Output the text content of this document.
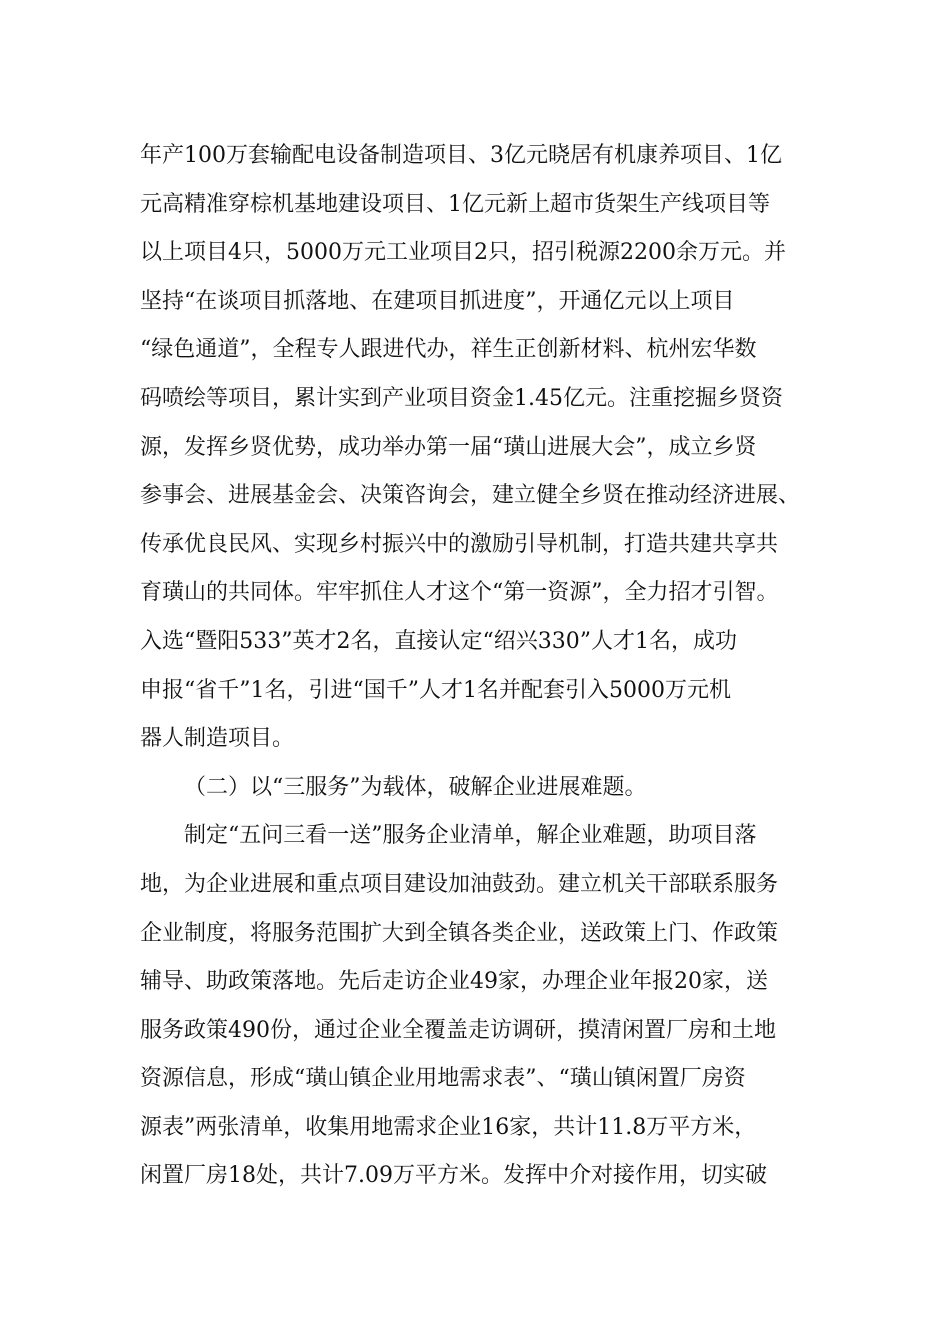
年产100万套输配电设备制造项目、3亿元晓居有机康养项目、1亿
元高精准穿棕机基地建设项目、1亿元新上超市货架生产线项目等
以上项目4只，5000万元工业项目2只，招引税源2200余万元。并
坚持“在谈项目抓落地、在建项目抓进度”，开通亿元以上项目
“绿色通道”，全程专人跟进代办，祥生正创新材料、杭州宏华数
码喷绘等项目，累计实到产业项目资金1.45亿元。注重挖掘乡贤资
源，发挥乡贤优势，成功举办第一届“璜山进展大会”，成立乡贤
参事会、进展基金会、决策咨询会，建立健全乡贤在推动经济进展、
传承优良民风、实现乡村振兴中的激励引导机制，打造共建共享共
育璜山的共同体。牢牢抓住人才这个“第一资源”，全力招才引智。
入选“暨阳533”英才2名，直接认定“绍兴330”人才1名，成功
申报“省千”1名，引进“国千”人才1名并配套引入5000万元机
器人制造项目。
（二）以“三服务”为载体，破解企业进展难题。
制定“五问三看一送”服务企业清单，解企业难题，助项目落
地，为企业进展和重点项目建设加油鼓劲。建立机关干部联系服务
企业制度，将服务范围扩大到全镇各类企业，送政策上门、作政策
辅导、助政策落地。先后走访企业49家，办理企业年报20家，送
服务政策490份，通过企业全覆盖走访调研，摸清闲置厂房和土地
资源信息，形成“璜山镇企业用地需求表”、“璜山镇闲置厂房资
源表”两张清单，收集用地需求企业16家，共计11.8万平方米，
闲置厂房18处，共计7.09万平方米。发挥中介对接作用，切实破
